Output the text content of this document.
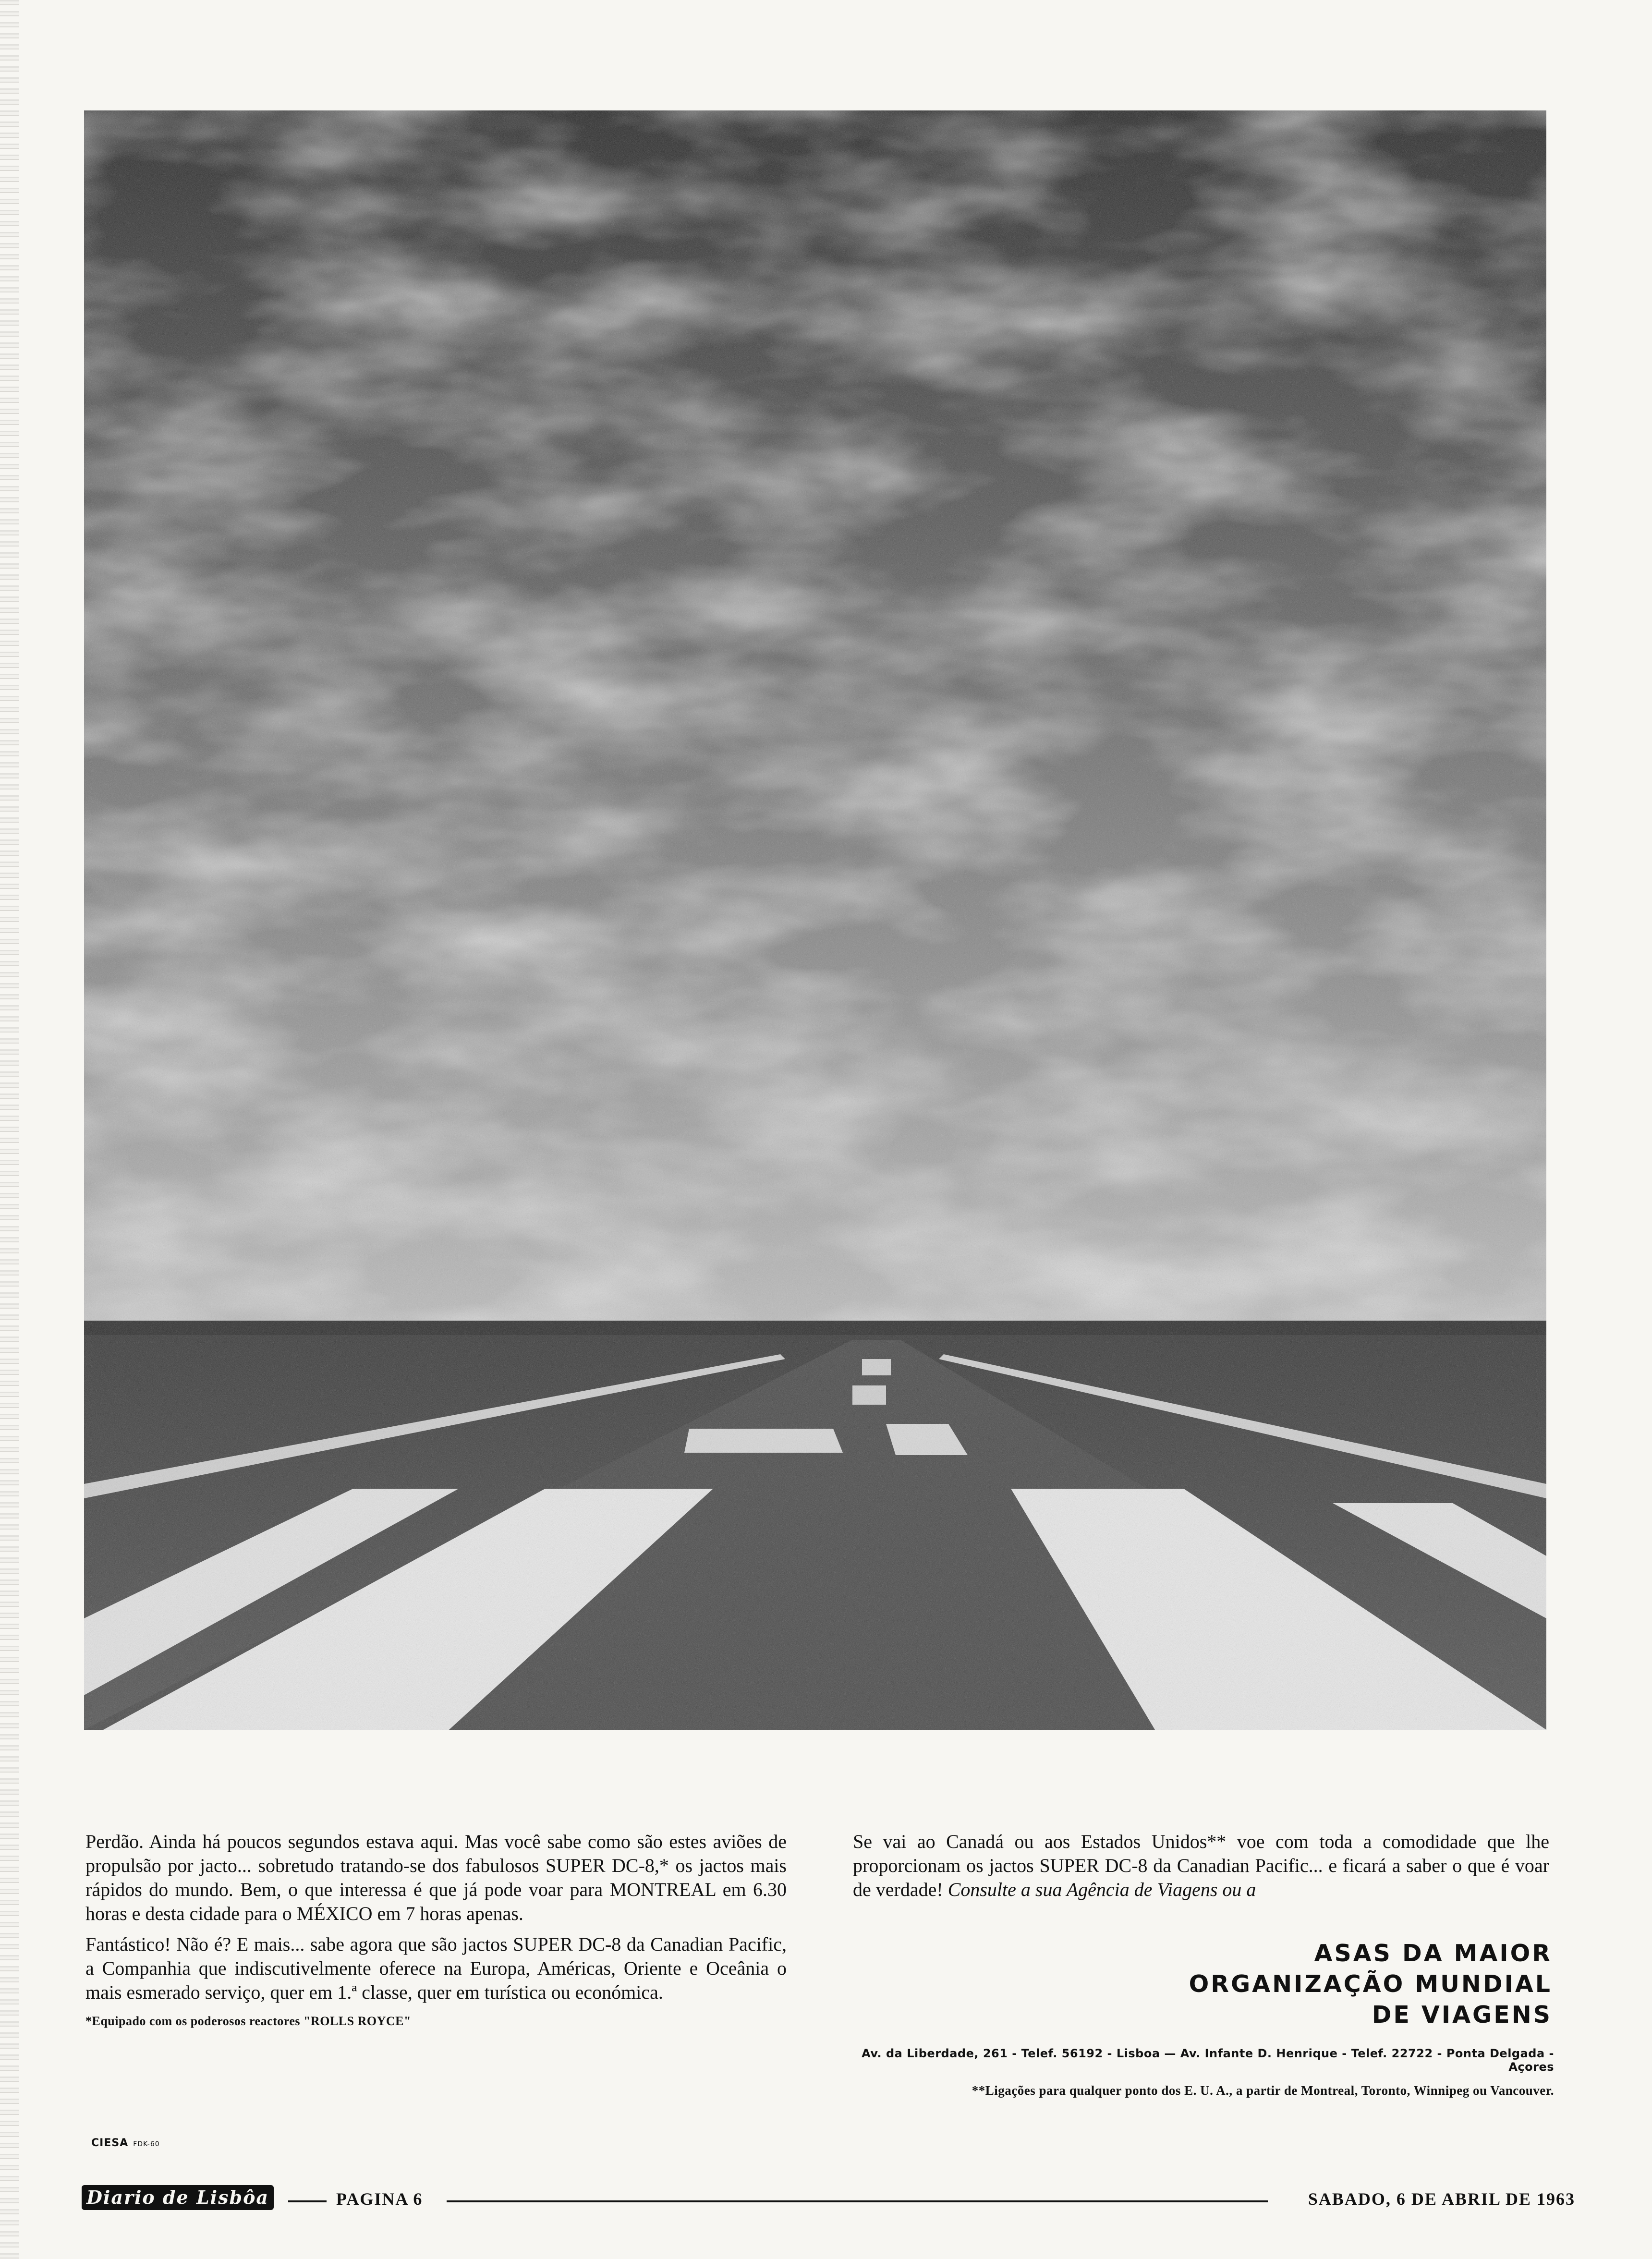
Perdão. Ainda há poucos segundos estava aqui. Mas você sabe como são estes aviões de propulsão por jacto... sobretudo tratando-se dos fabulosos SUPER DC-8,* os jactos mais rápidos do mundo. Bem, o que interessa é que já pode voar para MONTREAL em 6.30 horas e desta cidade para o MÉXICO em 7 horas apenas.

Fantástico! Não é? E mais... sabe agora que são jactos SUPER DC-8 da Canadian Pacific, a Companhia que indiscutivelmente oferece na Europa, Américas, Oriente e Oceânia o mais esmerado serviço, quer em 1.ª classe, quer em turística ou económica.

*Equipado com os poderosos reactores "ROLLS ROYCE"

Se vai ao Canadá ou aos Estados Unidos** voe com toda a comodidade que lhe proporcionam os jactos SUPER DC-8 da Canadian Pacific... e ficará a saber o que é voar de verdade! Consulte a sua Agência de Viagens ou a

ASAS DA MAIOR
ORGANIZAÇÃO MUNDIAL
DE VIAGENS
Av. da Liberdade, 261 - Telef. 56192 - Lisboa — Av. Infante D. Henrique - Telef. 22722 - Ponta Delgada - Açores
**Ligações para qualquer ponto dos E. U. A., a partir de Montreal, Toronto, Winnipeg ou Vancouver.
CIESA FDK-60
Diario de Lisbôa	PAGINA 6	SABADO, 6 DE ABRIL DE 1963
